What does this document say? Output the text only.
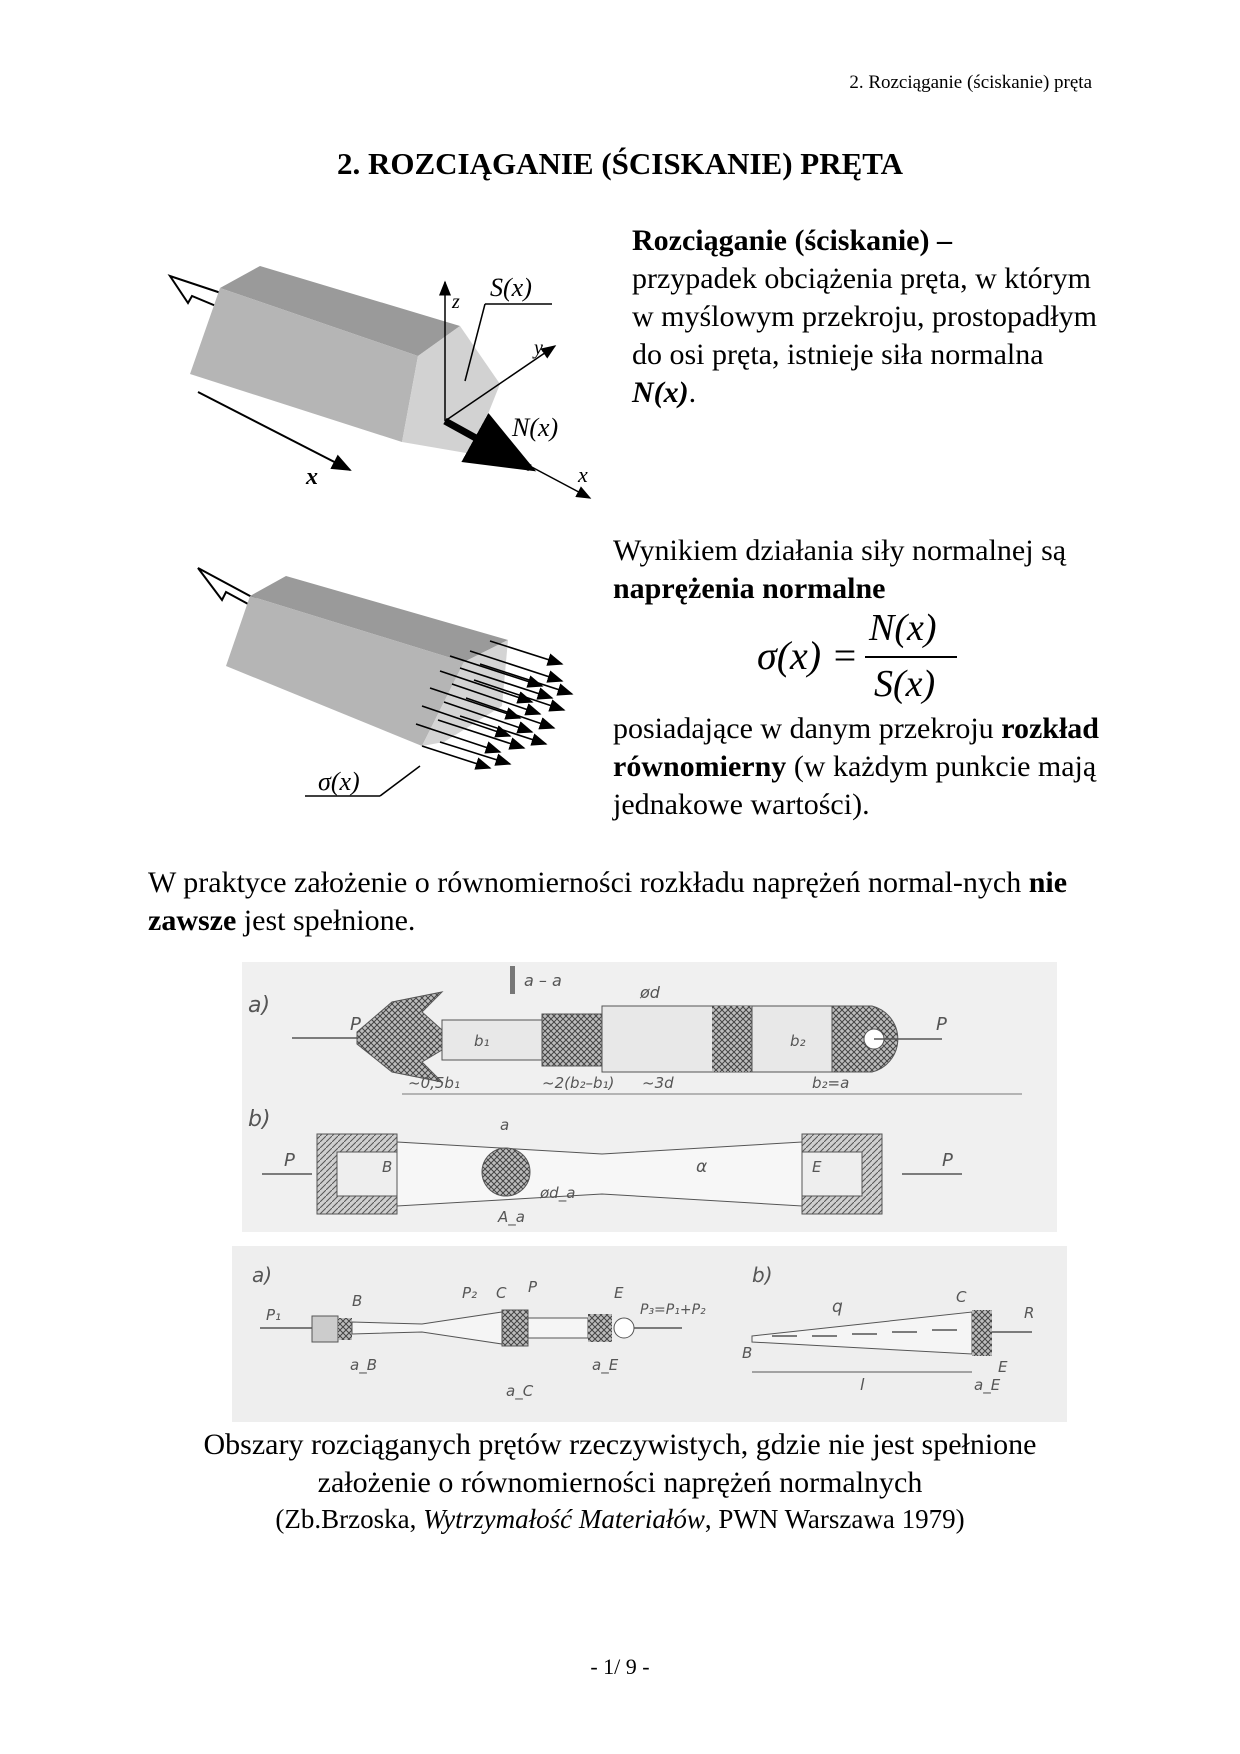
2. Rozciąganie (ściskanie) pręta
2. ROZCIĄGANIE (ŚCISKANIE) PRĘTA
S(x)
z
y
N(x)
x
x
Rozciąganie (ściskanie) –
przypadek obciążenia pręta, w którym w myślowym przekroju, prostopadłym do osi pręta, istnieje siła normalna N(x).
σ(x)
Wynikiem działania siły normalnej są naprężenia normalne
σ(x) =
N(x)
S(x)
posiadające w danym przekroju rozkład równomierny (w każdym punkcie mają jednakowe wartości).
W praktyce założenie o równomierności rozkładu naprężeń normal-nych nie zawsze jest spełnione.
a)
P	P
a – a
ød
b₁	b₂
~0,5b₁	~2(b₂–b₁) ~3d	b₂=a
b)
P	P
B	E
ød_a
A_a
α
a
a)	b)
P₁
B	P₂ C P	E
P₃=P₁+P₂
a_B
a_C
a_E
q	C
R
B
E
l	a_E
Obszary rozciąganych prętów rzeczywistych, gdzie nie jest spełnione
założenie o równomierności naprężeń normalnych
(Zb.Brzoska, Wytrzymałość Materiałów, PWN Warszawa 1979)
- 1/ 9 -
